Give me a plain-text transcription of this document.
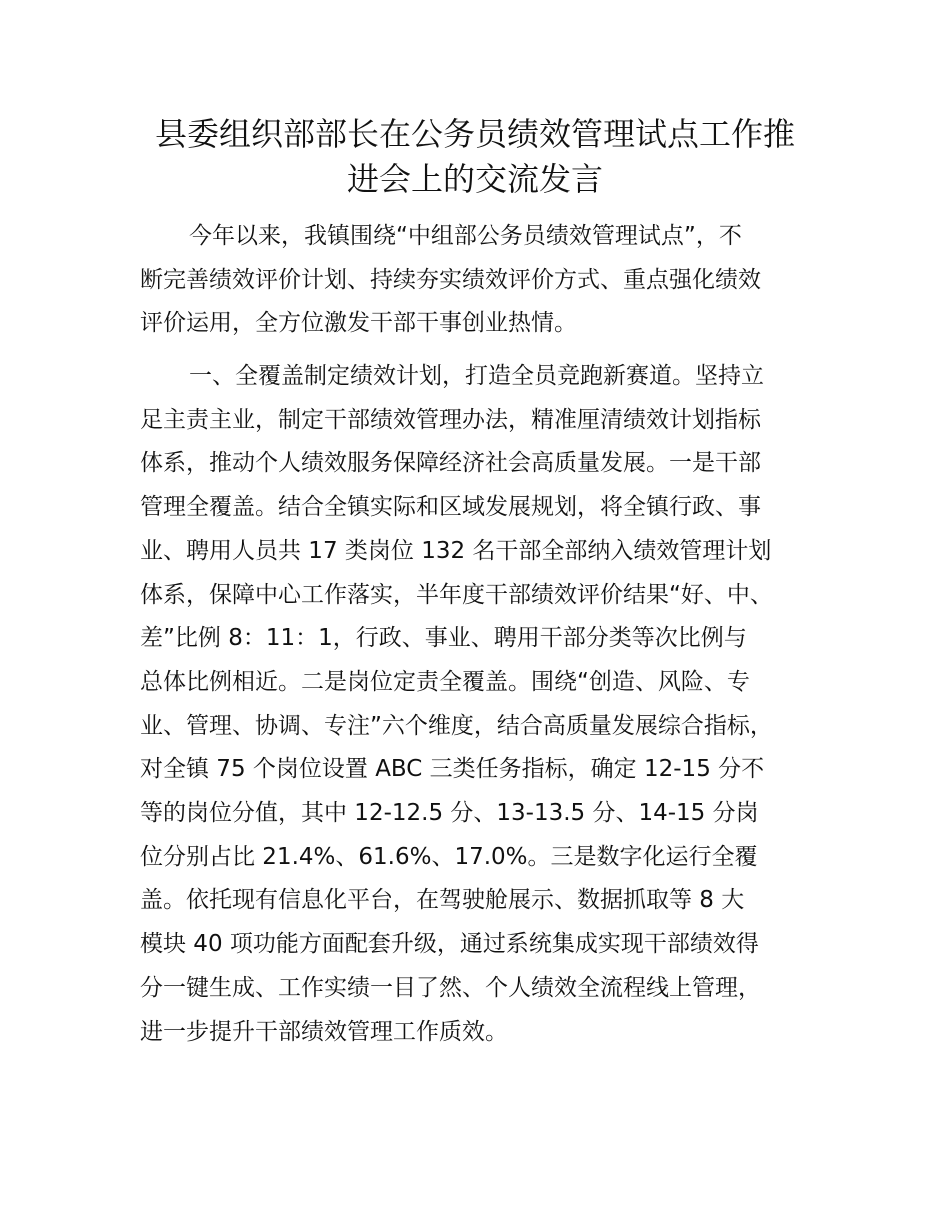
县委组织部部长在公务员绩效管理试点工作推
进会上的交流发言

今年以来，我镇围绕“中组部公务员绩效管理试点”，不
断完善绩效评价计划、持续夯实绩效评价方式、重点强化绩效
评价运用，全方位激发干部干事创业热情。

一、全覆盖制定绩效计划，打造全员竞跑新赛道。坚持立
足主责主业，制定干部绩效管理办法，精准厘清绩效计划指标
体系，推动个人绩效服务保障经济社会高质量发展。一是干部
管理全覆盖。结合全镇实际和区域发展规划，将全镇行政、事
业、聘用人员共 17 类岗位 132 名干部全部纳入绩效管理计划
体系，保障中心工作落实，半年度干部绩效评价结果“好、中、
差”比例 8：11：1，行政、事业、聘用干部分类等次比例与
总体比例相近。二是岗位定责全覆盖。围绕“创造、风险、专
业、管理、协调、专注”六个维度，结合高质量发展综合指标，
对全镇 75 个岗位设置 ABC 三类任务指标，确定 12-15 分不
等的岗位分值，其中 12-12.5 分、13-13.5 分、14-15 分岗
位分别占比 21.4%、61.6%、17.0%。三是数字化运行全覆
盖。依托现有信息化平台，在驾驶舱展示、数据抓取等 8 大
模块 40 项功能方面配套升级，通过系统集成实现干部绩效得
分一键生成、工作实绩一目了然、个人绩效全流程线上管理，
进一步提升干部绩效管理工作质效。
